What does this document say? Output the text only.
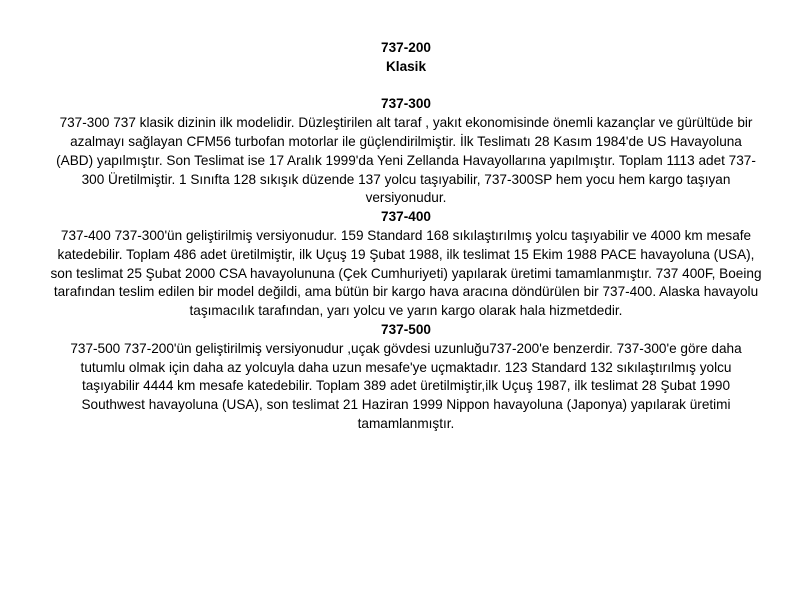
737-200
Klasik
737-300

737-300 737 klasik dizinin ilk modelidir. Düzleştirilen alt taraf , yakıt ekonomisinde önemli kazançlar ve gürültüde bir azalmayı sağlayan CFM56 turbofan motorlar ile güçlendirilmiştir. İlk Teslimatı 28 Kasım 1984'de US Havayoluna (ABD) yapılmıştır. Son Teslimat ise 17 Aralık 1999'da Yeni Zellanda Havayollarına yapılmıştır. Toplam 1113 adet 737-300 Üretilmiştir. 1 Sınıfta 128 sıkışık düzende 137 yolcu taşıyabilir, 737-300SP hem yocu hem kargo taşıyan versiyonudur.

737-400

737-400 737-300'ün geliştirilmiş versiyonudur. 159 Standard 168 sıkılaştırılmış yolcu taşıyabilir ve 4000 km mesafe katedebilir. Toplam 486 adet üretilmiştir, ilk Uçuş 19 Şubat 1988, ilk teslimat 15 Ekim 1988 PACE havayoluna (USA), son teslimat 25 Şubat 2000 CSA havayolununa (Çek Cumhuriyeti) yapılarak üretimi tamamlanmıştır. 737 400F, Boeing tarafından teslim edilen bir model değildi, ama bütün bir kargo hava aracına döndürülen bir 737-400. Alaska havayolu taşımacılık tarafından, yarı yolcu ve yarın kargo olarak hala hizmetdedir.

737-500

737-500 737-200'ün geliştirilmiş versiyonudur ,uçak gövdesi uzunluğu737-200'e benzerdir. 737-300'e göre daha tutumlu olmak için daha az yolcuyla daha uzun mesafe'ye uçmaktadır. 123 Standard 132 sıkılaştırılmış yolcu taşıyabilir 4444 km mesafe katedebilir. Toplam 389 adet üretilmiştir,ilk Uçuş 1987, ilk teslimat 28 Şubat 1990 Southwest havayoluna (USA), son teslimat 21 Haziran 1999 Nippon havayoluna (Japonya) yapılarak üretimi tamamlanmıştır.
